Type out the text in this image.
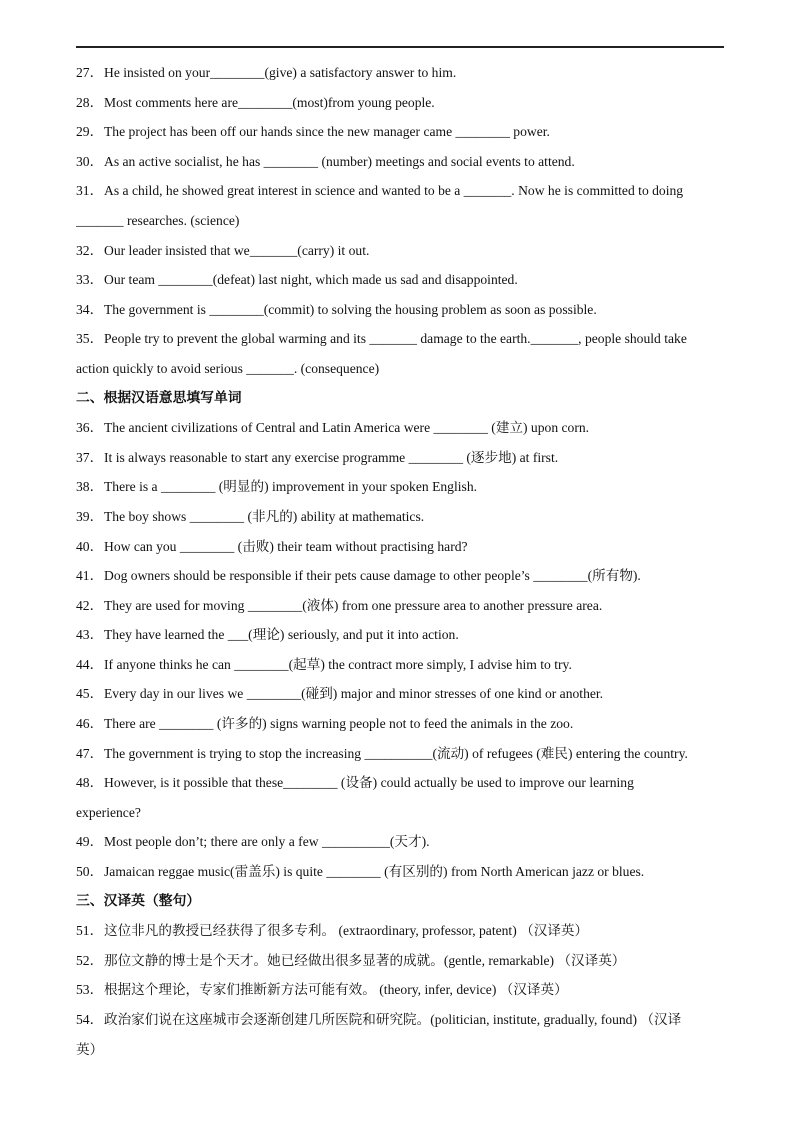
27．He insisted on your________(give) a satisfactory answer to him.
28．Most comments here are________(most)from young people.
29．The project has been off our hands since the new manager came ________ power.
30．As an active socialist, he has ________ (number) meetings and social events to attend.
31．As a child, he showed great interest in science and wanted to be a _______. Now he is committed to doing
_______ researches. (science)
32．Our leader insisted that we_______(carry) it out.
33．Our team ________(defeat) last night, which made us sad and disappointed.
34．The government is ________(commit) to solving the housing problem as soon as possible.
35．People try to prevent the global warming and its _______ damage to the earth._______, people should take
action quickly to avoid serious _______. (consequence)
二、根据汉语意思填写单词
36．The ancient civilizations of Central and Latin America were ________ (建立) upon corn.
37．It is always reasonable to start any exercise programme ________ (逐步地) at first.
38．There is a ________ (明显的) improvement in your spoken English.
39．The boy shows ________ (非凡的) ability at mathematics.
40．How can you ________ (击败) their team without practising hard?
41．Dog owners should be responsible if their pets cause damage to other people’s ________(所有物).
42．They are used for moving ________(液体) from one pressure area to another pressure area.
43．They have learned the ___(理论) seriously, and put it into action.
44．If anyone thinks he can ________(起草) the contract more simply, I advise him to try.
45．Every day in our lives we ________(碰到) major and minor stresses of one kind or another.
46．There are ________ (许多的) signs warning people not to feed the animals in the zoo.
47．The government is trying to stop the increasing __________(流动) of refugees (难民) entering the country.
48．However, is it possible that these________ (设备) could actually be used to improve our learning
experience?
49．Most people don’t; there are only a few __________(天才).
50．Jamaican reggae music(雷盖乐) is quite ________ (有区别的) from North American jazz or blues.
三、汉译英（整句）
51．这位非凡的教授已经获得了很多专利。 (extraordinary, professor, patent) （汉译英）
52．那位文静的博士是个天才。她已经做出很多显著的成就。(gentle, remarkable) （汉译英）
53．根据这个理论，专家们推断新方法可能有效。 (theory, infer, device) （汉译英）
54．政治家们说在这座城市会逐渐创建几所医院和研究院。(politician, institute, gradually, found) （汉译
英）
